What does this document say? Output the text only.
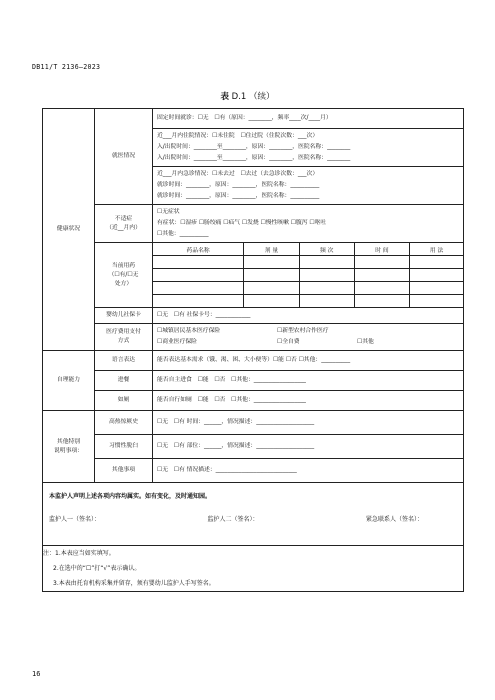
DB11/T 2136—2023
表 D.1 （续）
健康状况	就医情况	
固定时间就诊：☐无　☐有（原因：________，频率____次/____月）
近___月内住院情况：☐未住院　☐住过院（住院次数：___次）
入/出院时间：________至________，原因：________，医院名称：________
入/出院时间：________至________，原因：________，医院名称：________
近___月内急诊情况：☐未去过　☐去过（去急诊次数：___次）
就诊时间：________，原因：________，医院名称：__________
就诊时间：________，原因：________，医院名称：__________

不适症
（近__月内）

☐无症状
有症状：☐湿疹 ☐肠绞痛 ☐疝气 ☐发烧 ☐慢性咳嗽 ☐腹泻 ☐呕吐
☐其他：__________

当前用药
（☐有/☐无
处方）

药品名称	剂 量	频 次	时 间	用 法

婴幼儿社保卡	☐无　☐有 社保卡号：____________

医疗费用支付
方式

☐城镇居民基本医疗保险	☐新型农村合作医疗
☐商业医疗保险	☐全自费	☐其他

自理能力	语言表达	能否表达基本需求（饿、渴、困、大小便等）☐能 ☐否 ☐其他：__________
进餐	能否自主进食　☐能　☐否　☐其他：__________________
如厕	能否自行如厕　☐能　☐否　☐其他：__________________

其他特别
说明事项：
	高热惊厥史	☐无　☐有 时间：______，情况描述：____________________
习惯性脱臼	☐无　☐有 部位：______，情况描述：____________________
其他事项	☐无　☐有 情况描述：____________________________

本监护人声明上述各项内容均属实。如有变化，及时通知园。
监护人一（签名）：	监护人二（签名）：	紧急联系人（签名）：

注：1.本表应当如实填写。
2.在选中的“☐”打“√”表示确认。
3.本表由托育机构采集并留存，须有婴幼儿监护人手写签名。
16
